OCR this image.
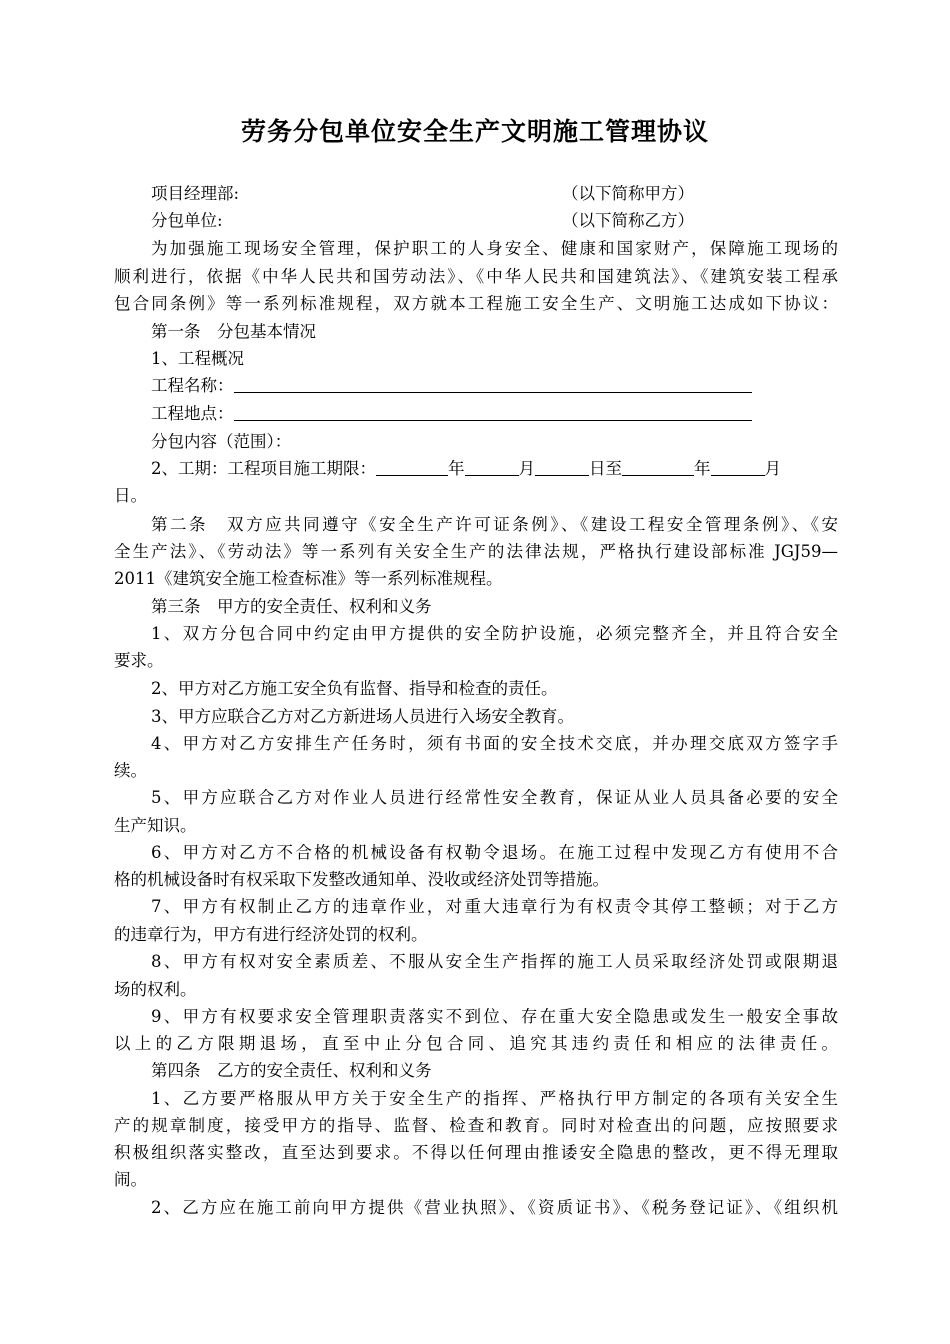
劳务分包单位安全生产文明施工管理协议

项目经理部:	（以下简称甲方）

分包单位:	（以下简称乙方）

为加强施工现场安全管理，保护职工的人身安全、健康和国家财产，保障施工现场的

顺利进行，依据《中华人民共和国劳动法》、《中华人民共和国建筑法》、《建筑安装工程承

包合同条例》等一系列标准规程，双方就本工程施工安全生产、文明施工达成如下协议：

第一条　分包基本情况

1、工程概况

工程名称：

工程地点：

分包内容（范围）：

2、工期：工程项目施工期限：	年	月	日至	年	月

日。

第二条　双方应共同遵守《安全生产许可证条例》、《建设工程安全管理条例》、《安

全生产法》、《劳动法》等一系列有关安全生产的法律法规，严格执行建设部标准 JGJ59—

2011《建筑安全施工检查标准》等一系列标准规程。

第三条　甲方的安全责任、权利和义务

1、双方分包合同中约定由甲方提供的安全防护设施，必须完整齐全，并且符合安全

要求。

2、甲方对乙方施工安全负有监督、指导和检查的责任。

3、甲方应联合乙方对乙方新进场人员进行入场安全教育。

4、甲方对乙方安排生产任务时，须有书面的安全技术交底，并办理交底双方签字手

续。

5、甲方应联合乙方对作业人员进行经常性安全教育，保证从业人员具备必要的安全

生产知识。

6、甲方对乙方不合格的机械设备有权勒令退场。在施工过程中发现乙方有使用不合

格的机械设备时有权采取下发整改通知单、没收或经济处罚等措施。

7、甲方有权制止乙方的违章作业，对重大违章行为有权责令其停工整顿；对于乙方

的违章行为，甲方有进行经济处罚的权利。

8、甲方有权对安全素质差、不服从安全生产指挥的施工人员采取经济处罚或限期退

场的权利。

9、甲方有权要求安全管理职责落实不到位、存在重大安全隐患或发生一般安全事故

以上的乙方限期退场，直至中止分包合同、追究其违约责任和相应的法律责任。

第四条　乙方的安全责任、权利和义务

1、乙方要严格服从甲方关于安全生产的指挥、严格执行甲方制定的各项有关安全生

产的规章制度，接受甲方的指导、监督、检查和教育。同时对检查出的问题，应按照要求

积极组织落实整改，直至达到要求。不得以任何理由推诿安全隐患的整改，更不得无理取

闹。

2、乙方应在施工前向甲方提供《营业执照》、《资质证书》、《税务登记证》、《组织机
